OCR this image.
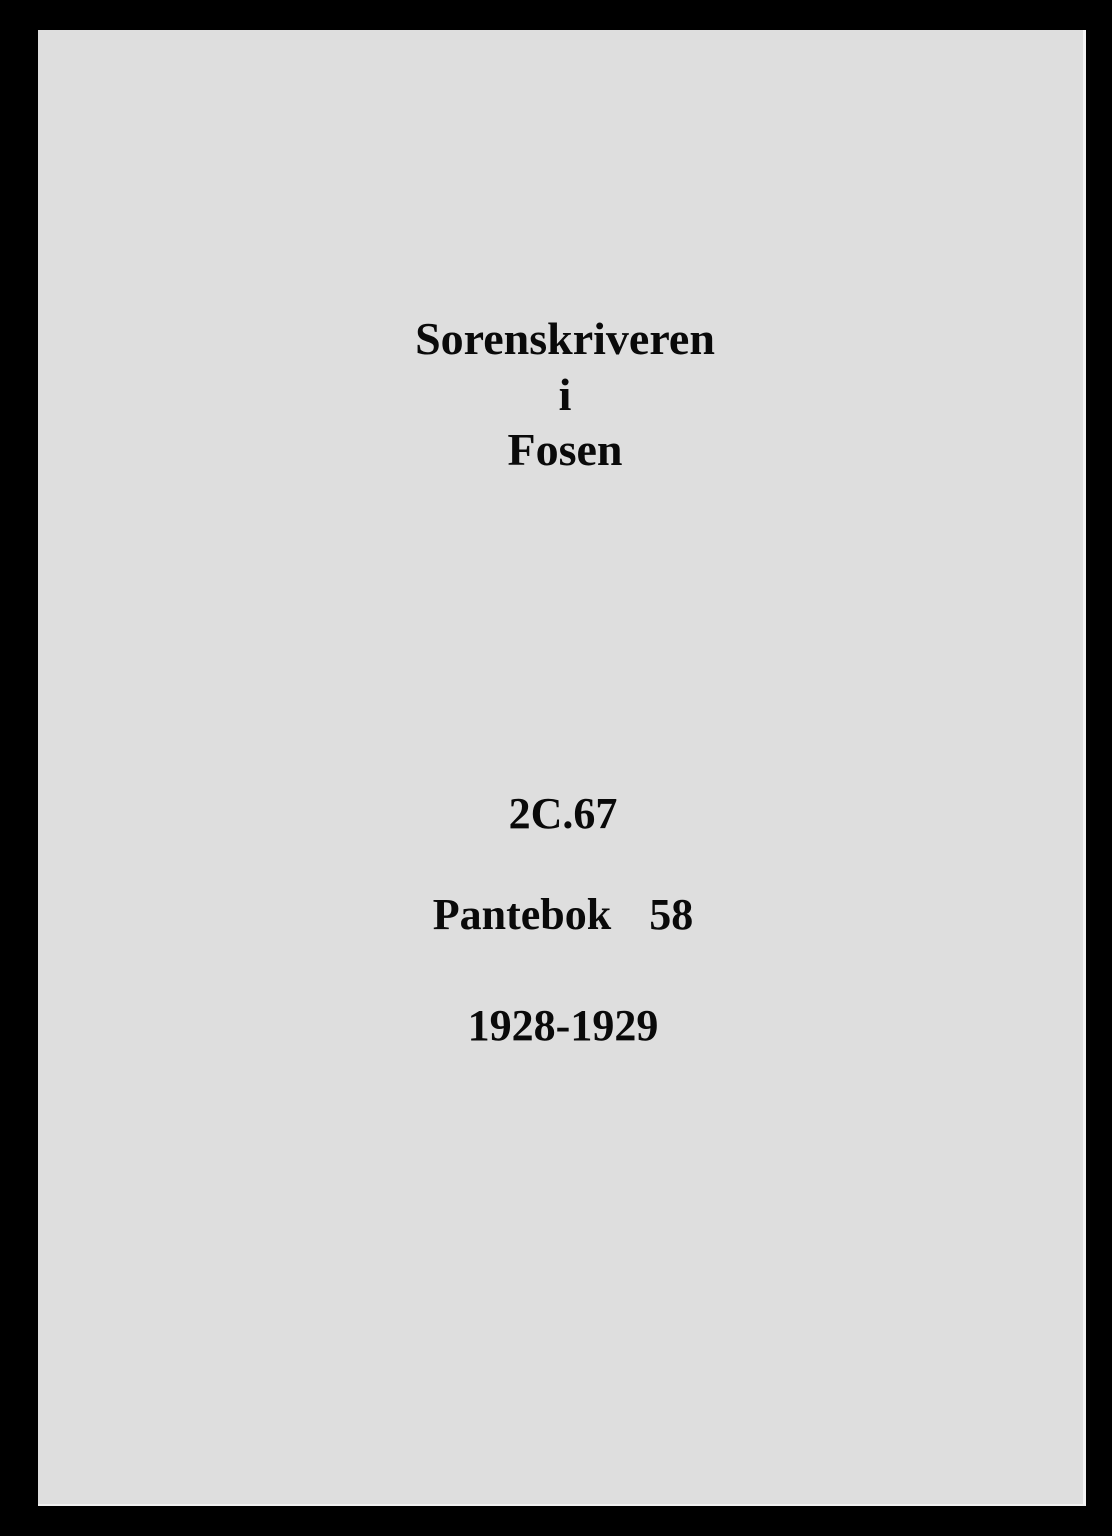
Sorenskriveren

i

Fosen

2C.67

Pantebok  58

1928-1929
